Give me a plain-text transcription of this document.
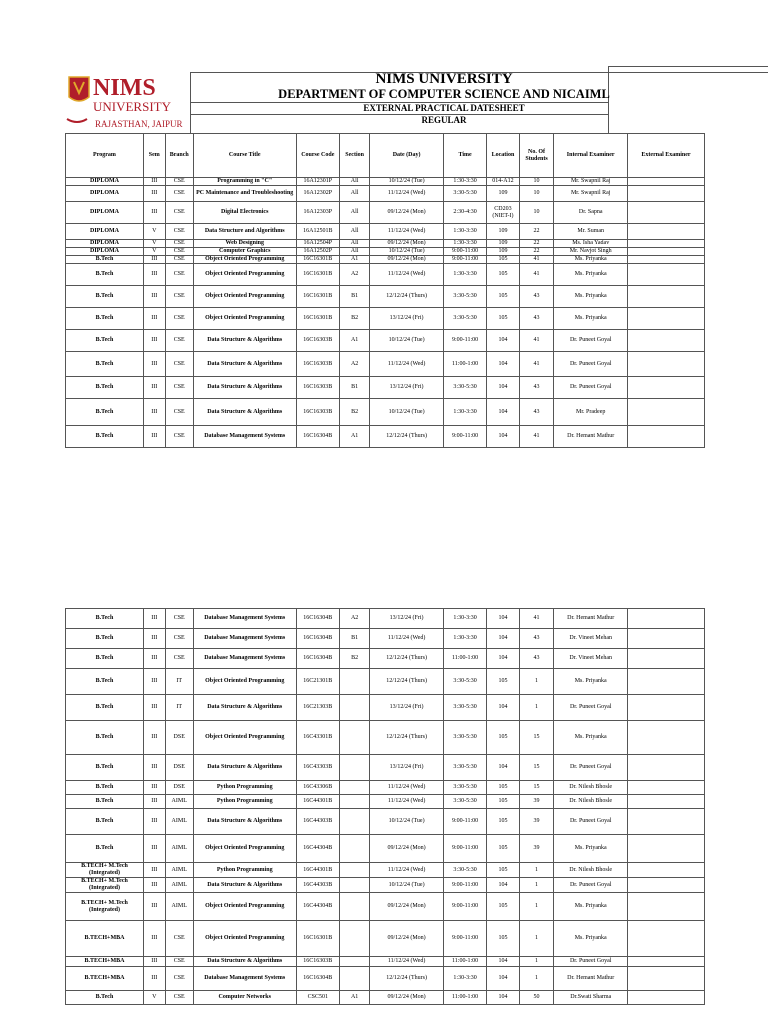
NIMS
UNIVERSITY
RAJASTHAN, JAIPUR
NIMS UNIVERSITY
DEPARTMENT OF COMPUTER SCIENCE AND NICAIML
EXTERNAL PRACTICAL DATESHEET
REGULAR
Program	Sem	Branch	Course Title	Course Code	Section	Date (Day)	Time	Location	No. Of Students	Internal Examiner	External Examiner
DIPLOMA	III	CSE	Programming in "C"	16A12301P	All	10/12/24 (Tue)	1:30-3:30	014-A12	10	Mr. Swapnil Raj	
DIPLOMA	III	CSE	PC Maintenance and Troubleshooting	16A12302P	All	11/12/24 (Wed)	3:30-5:30	109	10	Mr. Swapnil Raj	
DIPLOMA	III	CSE	Digital Electronics	16A12303P	All	09/12/24 (Mon)	2:30-4:30	CD203 (NIET-I)	10	Dr. Sapna	
DIPLOMA	V	CSE	Data Structure and Algorithms	16A12501B	All	11/12/24 (Wed)	1:30-3:30	109	22	Mr. Suman	
DIPLOMA	V	CSE	Web Designing	16A12504P	All	09/12/24 (Mon)	1:30-3:30	109	22	Ms. Isha Yadav	
DIPLOMA	V	CSE	Computer Graphics	16A12502P	All	10/12/24 (Tue)	9:00-11:00	109	22	Mr. Navjot Singh	
B.Tech	III	CSE	Object Oriented Programming	16C16301B	A1	09/12/24 (Mon)	9:00-11:00	105	41	Ms. Priyanka	
B.Tech	III	CSE	Object Oriented Programming	16C16301B	A2	11/12/24 (Wed)	1:30-3:30	105	41	Ms. Priyanka	
B.Tech	III	CSE	Object Oriented Programming	16C16301B	B1	12/12/24 (Thurs)	3:30-5:30	105	43	Ms. Priyanka	
B.Tech	III	CSE	Object Oriented Programming	16C16301B	B2	13/12/24 (Fri)	3:30-5:30	105	43	Ms. Priyanka	
B.Tech	III	CSE	Data Structure & Algorithms	16C16303B	A1	10/12/24 (Tue)	9:00-11:00	104	41	Dr. Puneet Goyal	
B.Tech	III	CSE	Data Structure & Algorithms	16C16303B	A2	11/12/24 (Wed)	11:00-1:00	104	41	Dr. Puneet Goyal	
B.Tech	III	CSE	Data Structure & Algorithms	16C16303B	B1	13/12/24 (Fri)	3:30-5:30	104	43	Dr. Puneet Goyal	
B.Tech	III	CSE	Data Structure & Algorithms	16C16303B	B2	10/12/24 (Tue)	1:30-3:30	104	43	Mr. Pradeep	
B.Tech	III	CSE	Database Management Systems	16C16304B	A1	12/12/24 (Thurs)	9:00-11:00	104	41	Dr. Hemant Mathur	
B.Tech	III	CSE	Database Management Systems	16C16304B	A2	13/12/24 (Fri)	1:30-3:30	104	41	Dr. Hemant Mathur	
B.Tech	III	CSE	Database Management Systems	16C16304B	B1	11/12/24 (Wed)	1:30-3:30	104	43	Dr. Vineet Mehan	
B.Tech	III	CSE	Database Management Systems	16C16304B	B2	12/12/24 (Thurs)	11:00-1:00	104	43	Dr. Vineet Mehan	
B.Tech	III	IT	Object Oriented Programming	16C21301B		12/12/24 (Thurs)	3:30-5:30	105	1	Ms. Priyanka	
B.Tech	III	IT	Data Structure & Algorithms	16C21303B		13/12/24 (Fri)	3:30-5:30	104	1	Dr. Puneet Goyal	
B.Tech	III	DSE	Object Oriented Programming	16C43301B		12/12/24 (Thurs)	3:30-5:30	105	15	Ms. Priyanka	
B.Tech	III	DSE	Data Structure & Algorithms	16C43303B		13/12/24 (Fri)	3:30-5:30	104	15	Dr. Puneet Goyal	
B.Tech	III	DSE	Python Programming	16C43306B		11/12/24 (Wed)	3:30-5:30	105	15	Dr. Nilesh Bhosle	
B.Tech	III	AIML	Python Programming	16C44301B		11/12/24 (Wed)	3:30-5:30	105	39	Dr. Nilesh Bhosle	
B.Tech	III	AIML	Data Structure & Algorithms	16C44303B		10/12/24 (Tue)	9:00-11:00	105	39	Dr. Puneet Goyal	
B.Tech	III	AIML	Object Oriented Programming	16C44304B		09/12/24 (Mon)	9:00-11:00	105	39	Ms. Priyanka	
B.TECH+ M.Tech (Integrated)	III	AIML	Python Programming	16C44301B		11/12/24 (Wed)	3:30-5:30	105	1	Dr. Nilesh Bhosle	
B.TECH+ M.Tech (Integrated)	III	AIML	Data Structure & Algorithms	16C44303B		10/12/24 (Tue)	9:00-11:00	104	1	Dr. Puneet Goyal	
B.TECH+ M.Tech (Integrated)	III	AIML	Object Oriented Programming	16C44304B		09/12/24 (Mon)	9:00-11:00	105	1	Ms. Priyanka	
B.TECH+MBA	III	CSE	Object Oriented Programming	16C16301B		09/12/24 (Mon)	9:00-11:00	105	1	Ms. Priyanka	
B.TECH+MBA	III	CSE	Data Structure & Algorithms	16C16303B		11/12/24 (Wed)	11:00-1:00	104	1	Dr. Puneet Goyal	
B.TECH+MBA	III	CSE	Database Management Systems	16C16304B		12/12/24 (Thurs)	1:30-3:30	104	1	Dr. Hemant Mathur	
B.Tech	V	CSE	Computer Networks	CSC501	A1	09/12/24 (Mon)	11:00-1:00	104	50	Dr.Swati Sharma	
